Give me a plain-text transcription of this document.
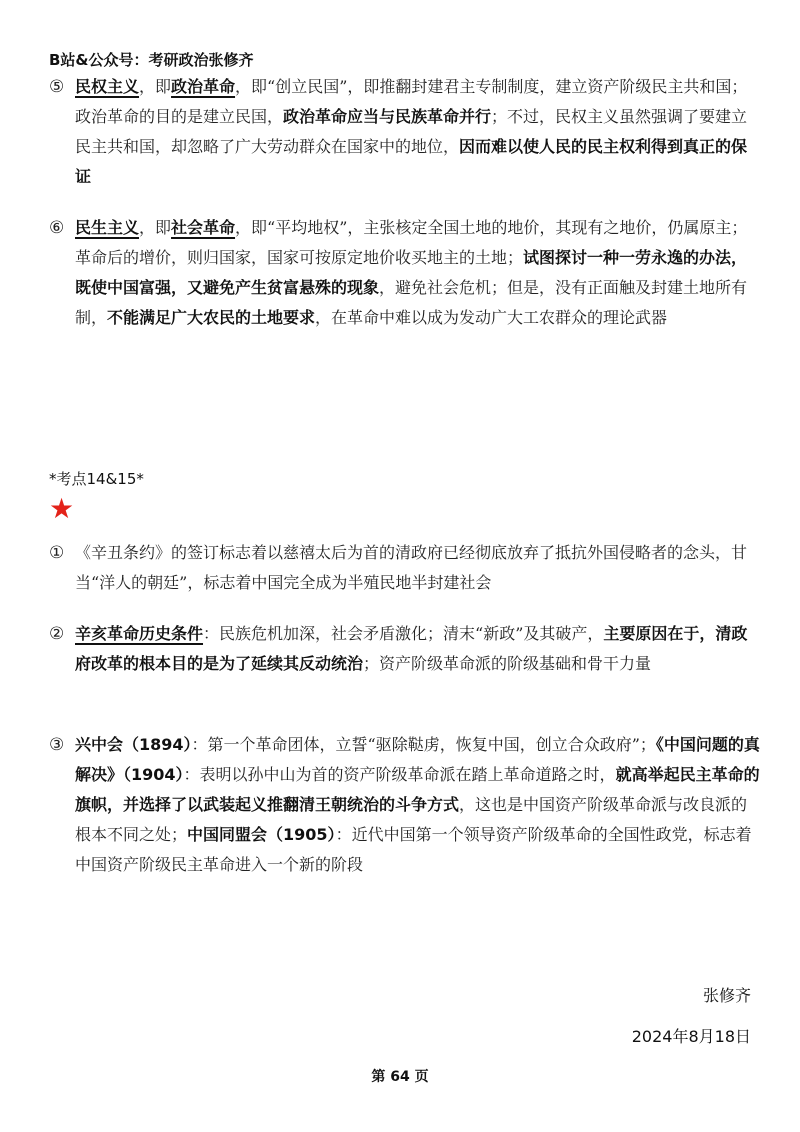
B站&公众号：考研政治张修齐
⑤ 民权主义，即政治革命，即“创立民国”，即推翻封建君主专制制度，建立资产阶级民主共和国；政治革命的目的是建立民国，政治革命应当与民族革命并行；不过，民权主义虽然强调了要建立民主共和国，却忽略了广大劳动群众在国家中的地位，因而难以使人民的民主权利得到真正的保证
⑥ 民生主义，即社会革命，即“平均地权”，主张核定全国土地的地价，其现有之地价，仍属原主；革命后的增价，则归国家，国家可按原定地价收买地主的土地；试图探讨一种一劳永逸的办法，既使中国富强，又避免产生贫富悬殊的现象，避免社会危机；但是，没有正面触及封建土地所有制，不能满足广大农民的土地要求，在革命中难以成为发动广大工农群众的理论武器
*考点14&15*
★
① 《辛丑条约》的签订标志着以慈禧太后为首的清政府已经彻底放弃了抵抗外国侵略者的念头，甘当“洋人的朝廷”，标志着中国完全成为半殖民地半封建社会
② 辛亥革命历史条件：民族危机加深，社会矛盾激化；清末“新政”及其破产，主要原因在于，清政府改革的根本目的是为了延续其反动统治；资产阶级革命派的阶级基础和骨干力量
③ 兴中会（1894）：第一个革命团体，立誓“驱除鞑虏，恢复中国，创立合众政府”；《中国问题的真解决》（1904）：表明以孙中山为首的资产阶级革命派在踏上革命道路之时，就高举起民主革命的旗帜，并选择了以武装起义推翻清王朝统治的斗争方式，这也是中国资产阶级革命派与改良派的根本不同之处；中国同盟会（1905）：近代中国第一个领导资产阶级革命的全国性政党，标志着中国资产阶级民主革命进入一个新的阶段
张修齐
2024年8月18日
第 64 页
